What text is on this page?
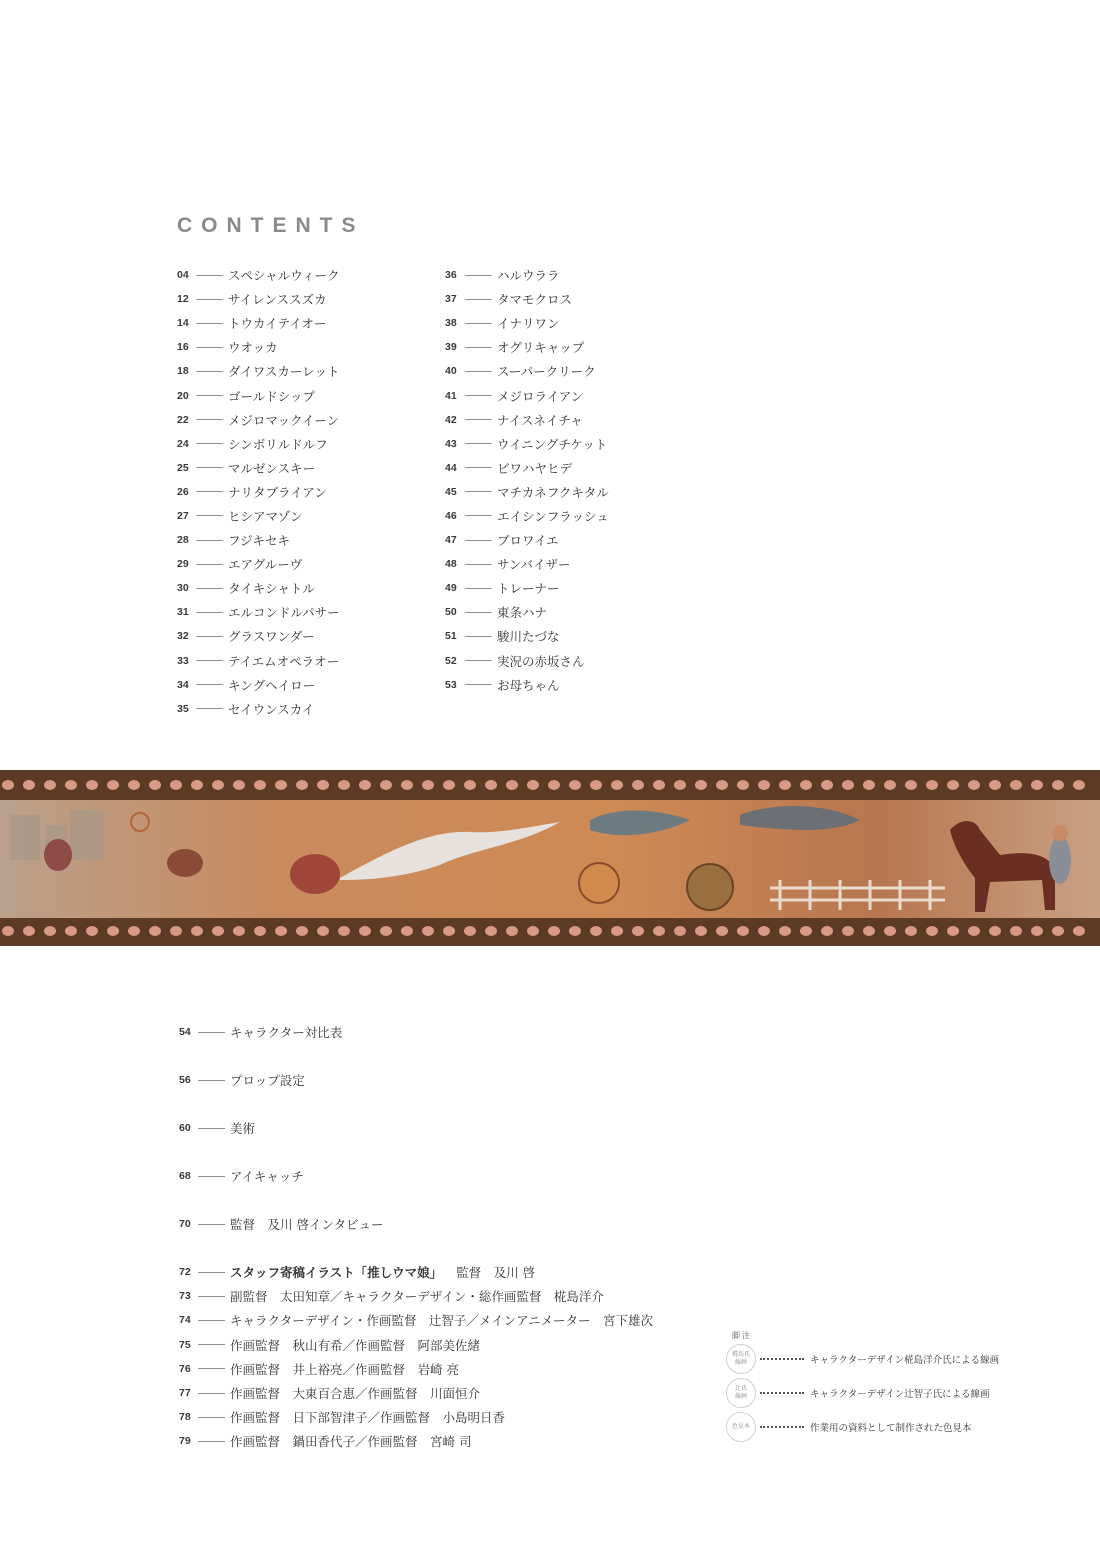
CONTENTS
04	スペシャルウィーク
12	サイレンススズカ
14	トウカイテイオー
16	ウオッカ
18	ダイワスカーレット
20	ゴールドシップ
22	メジロマックイーン
24	シンボリルドルフ
25	マルゼンスキー
26	ナリタブライアン
27	ヒシアマゾン
28	フジキセキ
29	エアグルーヴ
30	タイキシャトル
31	エルコンドルパサー
32	グラスワンダー
33	テイエムオペラオー
34	キングヘイロー
35	セイウンスカイ
36	ハルウララ
37	タマモクロス
38	イナリワン
39	オグリキャップ
40	スーパークリーク
41	メジロライアン
42	ナイスネイチャ
43	ウイニングチケット
44	ビワハヤヒデ
45	マチカネフクキタル
46	エイシンフラッシュ
47	ブロワイエ
48	サンバイザー
49	トレーナー
50	東条ハナ
51	駿川たづな
52	実況の赤坂さん
53	お母ちゃん
54	キャラクター対比表
56	プロップ設定
60	美術
68	アイキャッチ
70	監督　及川 啓インタビュー
72	スタッフ寄稿イラスト「推しウマ娘」 監督　及川 啓
73	副監督　太田知章／キャラクターデザイン・総作画監督　椛島洋介
74	キャラクターデザイン・作画監督　辻智子／メインアニメーター　宮下雄次
75	作画監督　秋山有希／作画監督　阿部美佐緒
76	作画監督　井上裕亮／作画監督　岩崎 亮
77	作画監督　大東百合恵／作画監督　川面恒介
78	作画監督　日下部智津子／作画監督　小島明日香
79	作画監督　鍋田香代子／作画監督　宮崎 司
脚注
椛島氏
線画	キャラクターデザイン椛島洋介氏による線画
辻氏
線画	キャラクターデザイン辻智子氏による線画
色見本	作業用の資料として制作された色見本
